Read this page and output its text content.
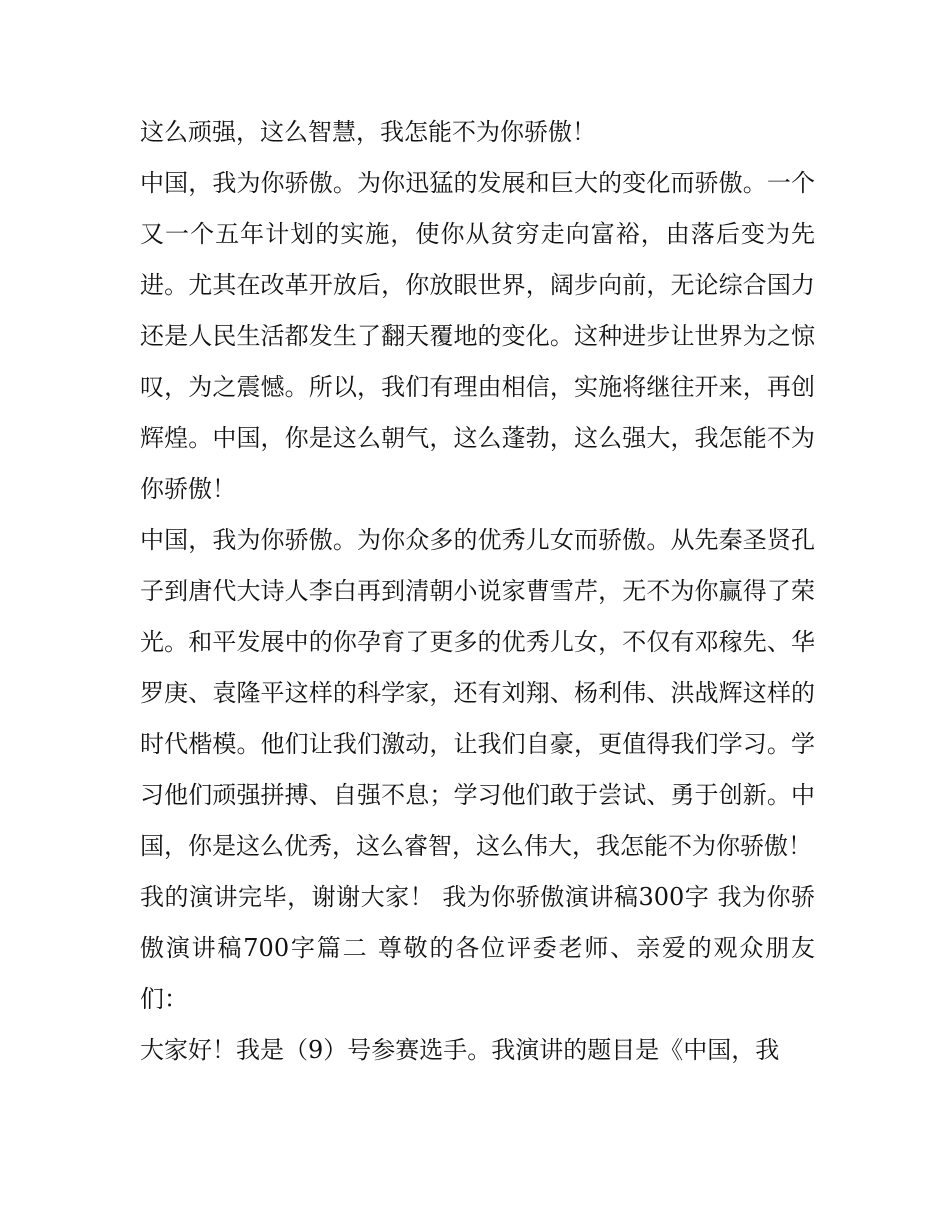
这么顽强，这么智慧，我怎能不为你骄傲！

中国，我为你骄傲。为你迅猛的发展和巨大的变化而骄傲。一个又一个五年计划的实施，使你从贫穷走向富裕，由落后变为先进。尤其在改革开放后，你放眼世界，阔步向前，无论综合国力还是人民生活都发生了翻天覆地的变化。这种进步让世界为之惊叹，为之震憾。所以，我们有理由相信，实施将继往开来，再创辉煌。中国，你是这么朝气，这么蓬勃，这么强大，我怎能不为你骄傲！

中国，我为你骄傲。为你众多的优秀儿女而骄傲。从先秦圣贤孔子到唐代大诗人李白再到清朝小说家曹雪芹，无不为你赢得了荣光。和平发展中的你孕育了更多的优秀儿女，不仅有邓稼先、华罗庚、袁隆平这样的科学家，还有刘翔、杨利伟、洪战辉这样的时代楷模。他们让我们激动，让我们自豪，更值得我们学习。学习他们顽强拼搏、自强不息；学习他们敢于尝试、勇于创新。中国，你是这么优秀，这么睿智，这么伟大，我怎能不为你骄傲！

我的演讲完毕，谢谢大家！ 我为你骄傲演讲稿300字 我为你骄傲演讲稿700字篇二 尊敬的各位评委老师、亲爱的观众朋友们：

大家好！我是（9）号参赛选手。我演讲的题目是《中国，我
